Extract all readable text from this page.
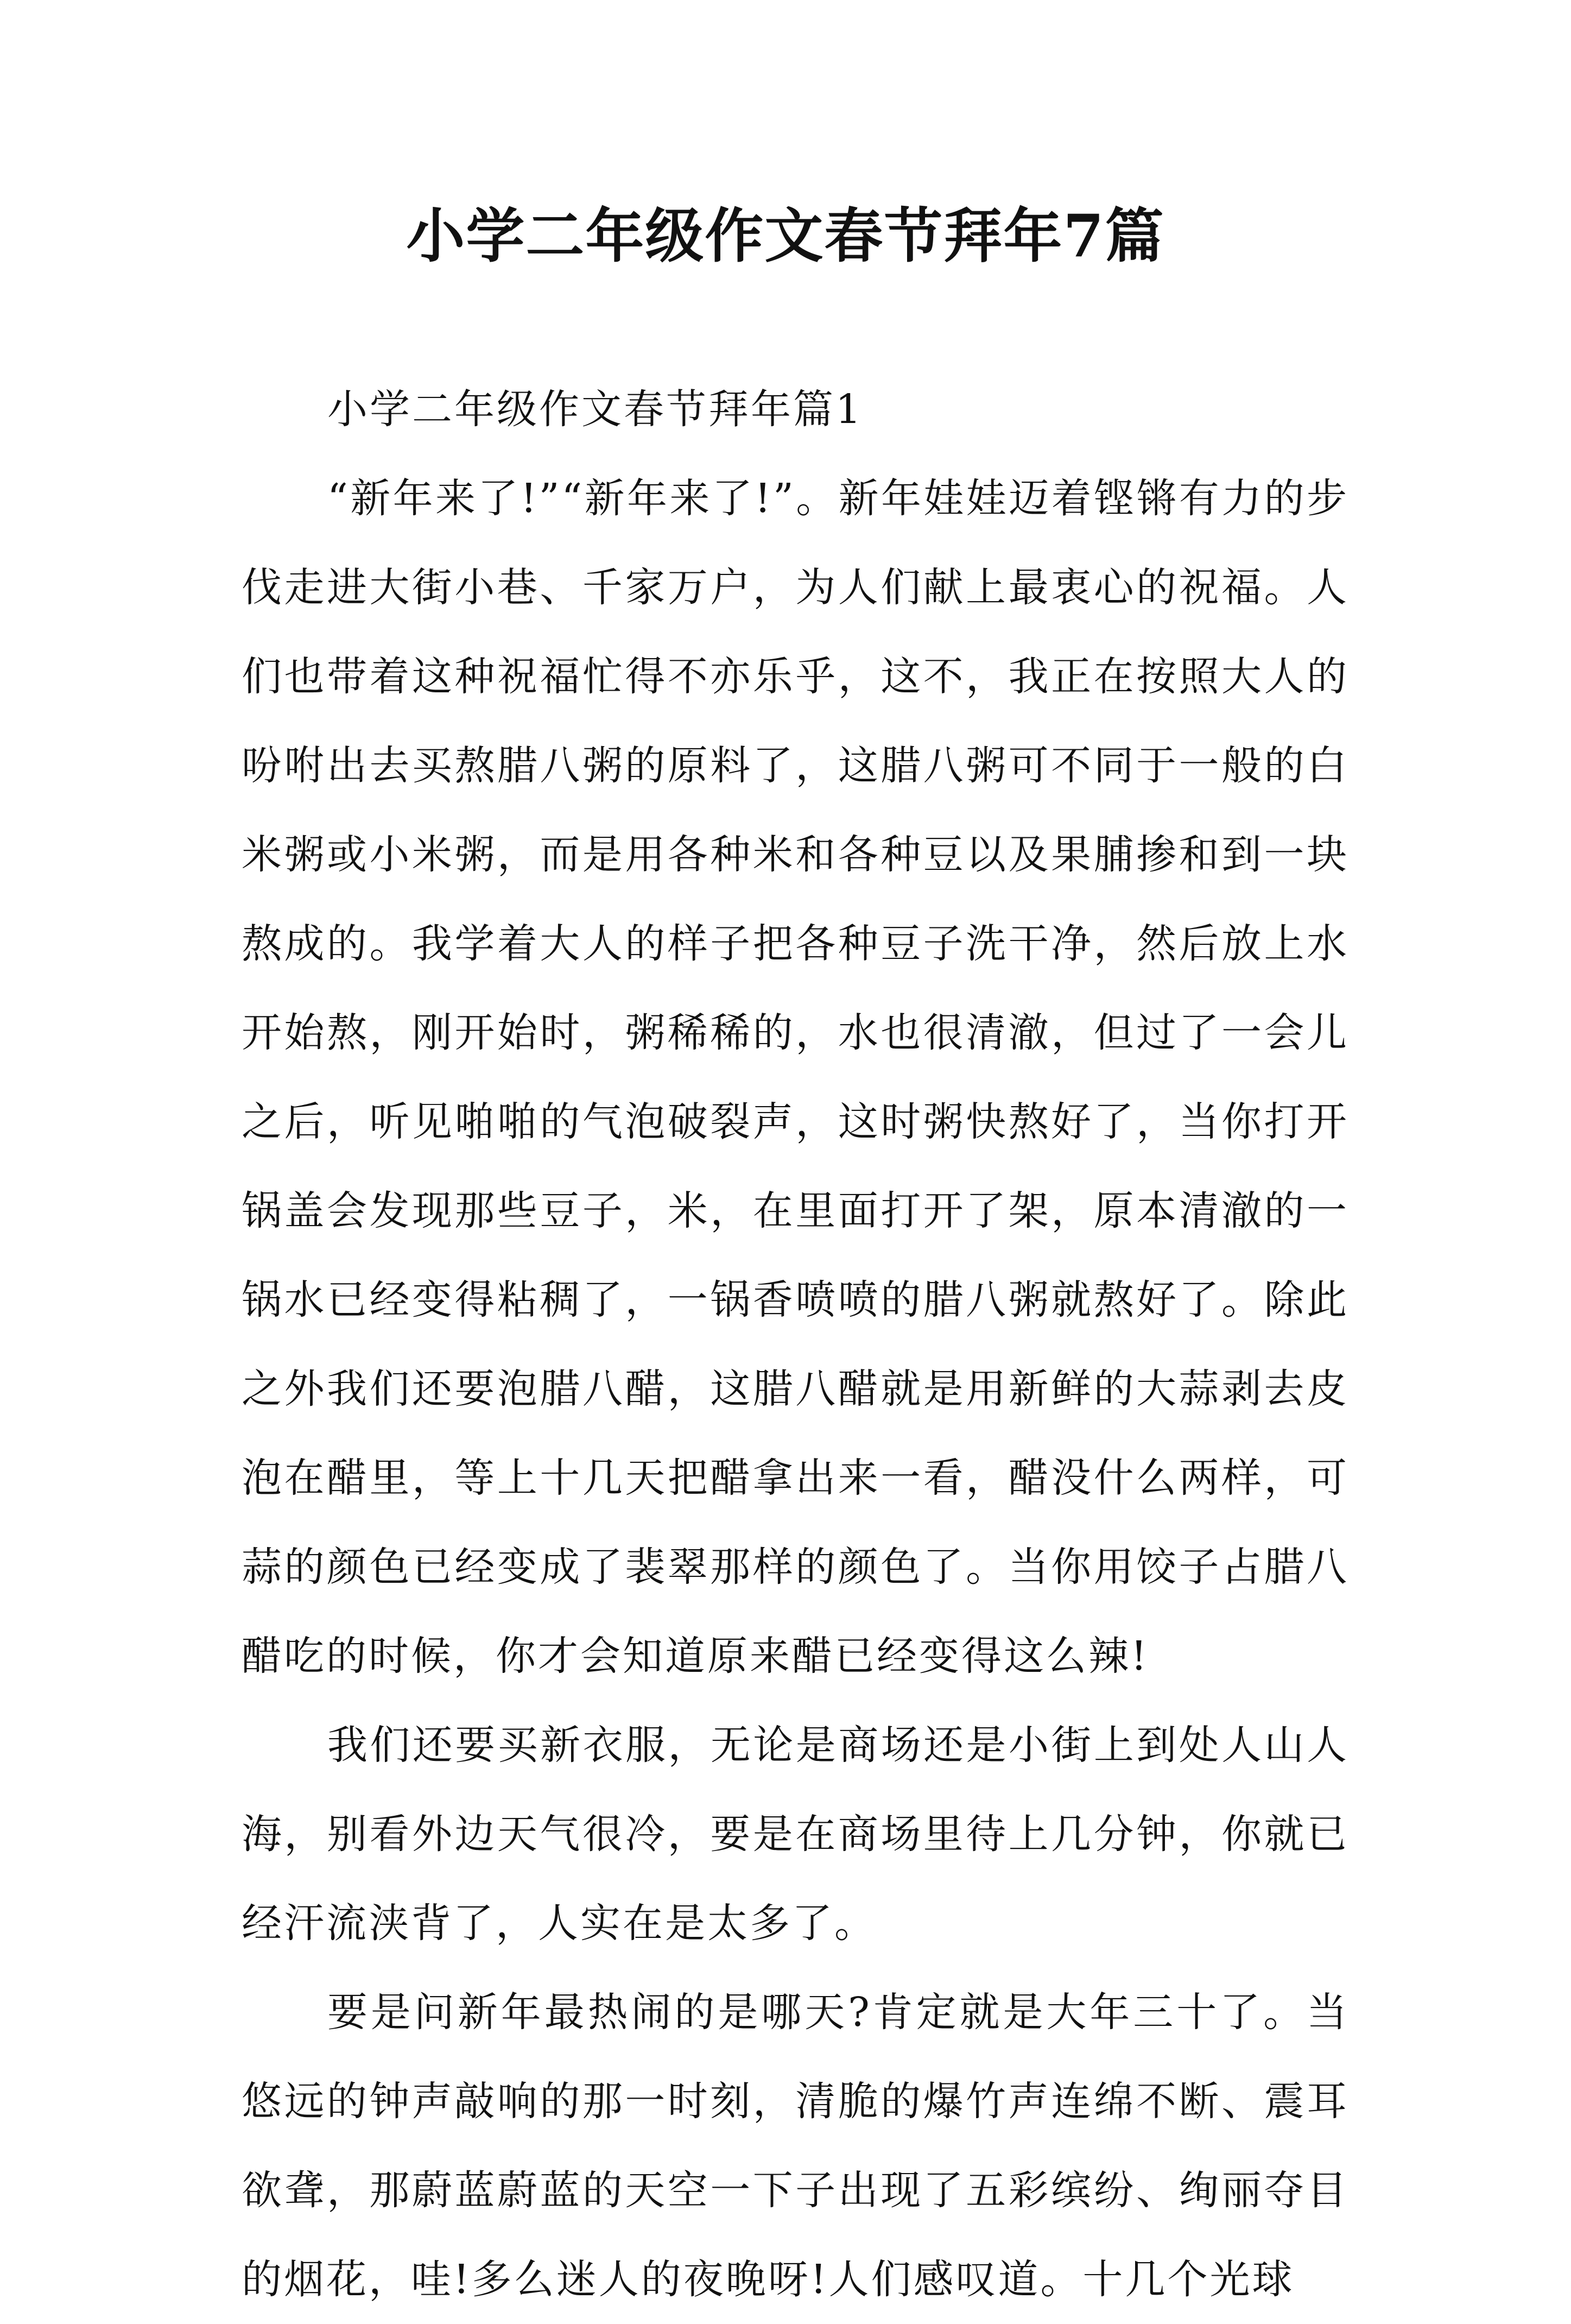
小学二年级作文春节拜年7篇

小学二年级作文春节拜年篇1

“新年来了!”“新年来了!”。新年娃娃迈着铿锵有力的步伐走进大街小巷、千家万户，为人们献上最衷心的祝福。人们也带着这种祝福忙得不亦乐乎，这不，我正在按照大人的吩咐出去买熬腊八粥的原料了，这腊八粥可不同于一般的白米粥或小米粥，而是用各种米和各种豆以及果脯掺和到一块熬成的。我学着大人的样子把各种豆子洗干净，然后放上水开始熬，刚开始时，粥稀稀的，水也很清澈，但过了一会儿之后，听见啪啪的气泡破裂声，这时粥快熬好了，当你打开锅盖会发现那些豆子，米，在里面打开了架，原本清澈的一锅水已经变得粘稠了，一锅香喷喷的腊八粥就熬好了。除此之外我们还要泡腊八醋，这腊八醋就是用新鲜的大蒜剥去皮泡在醋里，等上十几天把醋拿出来一看，醋没什么两样，可蒜的颜色已经变成了裴翠那样的颜色了。当你用饺子占腊八醋吃的时候，你才会知道原来醋已经变得这么辣!

我们还要买新衣服，无论是商场还是小街上到处人山人海，别看外边天气很冷，要是在商场里待上几分钟，你就已经汗流浃背了，人实在是太多了。

要是问新年最热闹的是哪天?肯定就是大年三十了。当悠远的钟声敲响的那一时刻，清脆的爆竹声连绵不断、震耳欲聋，那蔚蓝蔚蓝的天空一下子出现了五彩缤纷、绚丽夺目的烟花，哇!多么迷人的夜晚呀!人们感叹道。十几个光球
